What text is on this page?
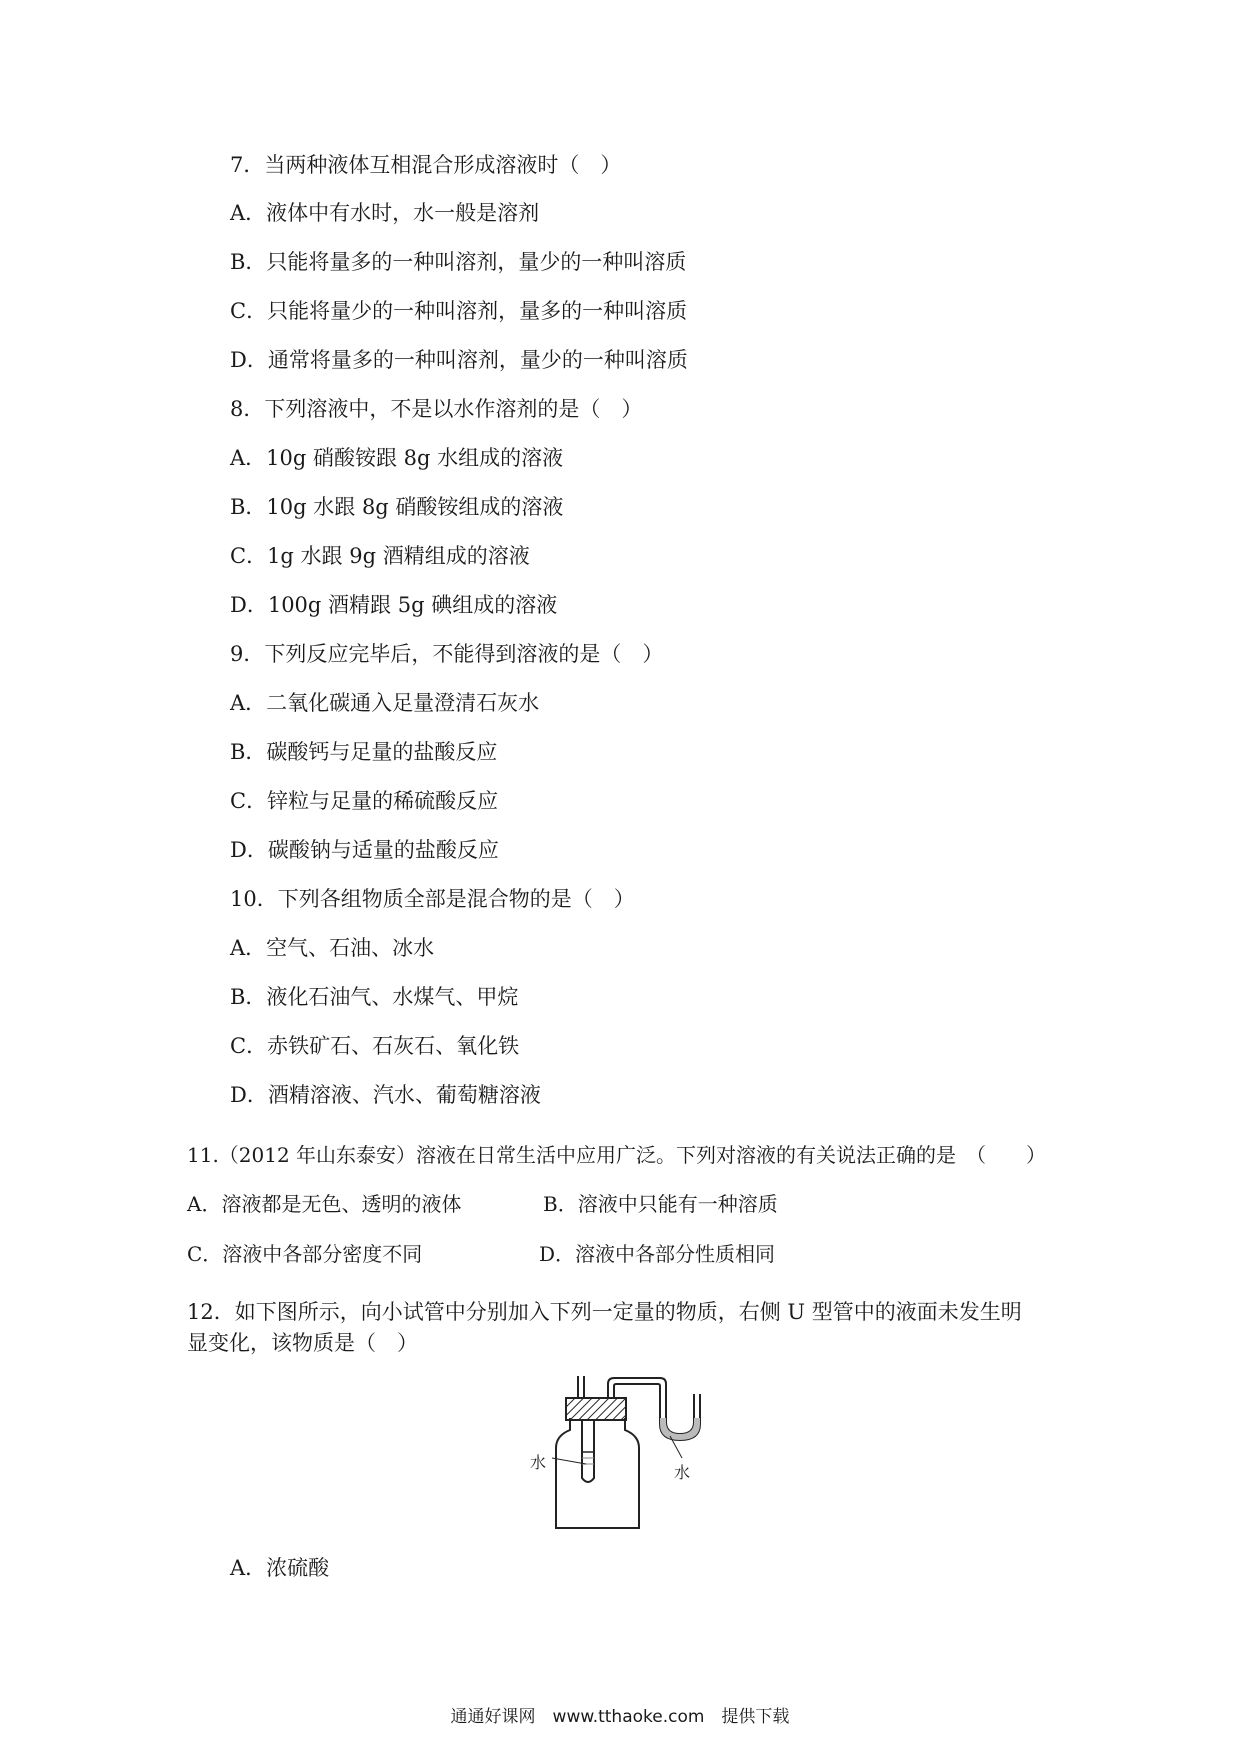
7．当两种液体互相混合形成溶液时（　）
A．液体中有水时，水一般是溶剂
B．只能将量多的一种叫溶剂，量少的一种叫溶质
C．只能将量少的一种叫溶剂，量多的一种叫溶质
D．通常将量多的一种叫溶剂，量少的一种叫溶质
8．下列溶液中，不是以水作溶剂的是（　）
A．10g 硝酸铵跟 8g 水组成的溶液
B．10g 水跟 8g 硝酸铵组成的溶液
C．1g 水跟 9g 酒精组成的溶液
D．100g 酒精跟 5g 碘组成的溶液
9．下列反应完毕后，不能得到溶液的是（　）
A．二氧化碳通入足量澄清石灰水
B．碳酸钙与足量的盐酸反应
C．锌粒与足量的稀硫酸反应
D．碳酸钠与适量的盐酸反应
10．下列各组物质全部是混合物的是（　）
A．空气、石油、冰水
B．液化石油气、水煤气、甲烷
C．赤铁矿石、石灰石、氧化铁
D．酒精溶液、汽水、葡萄糖溶液
11.（2012 年山东泰安）溶液在日常生活中应用广泛。下列对溶液的有关说法正确的是　（　　）
A．溶液都是无色、透明的液体	B．溶液中只能有一种溶质
C．溶液中各部分密度不同	D．溶液中各部分性质相同
12．如下图所示，向小试管中分别加入下列一定量的物质，右侧 U 型管中的液面未发生明
显变化，该物质是（　）
水
水
A．浓硫酸
通通好课网　www.tthaoke.com　提供下载
